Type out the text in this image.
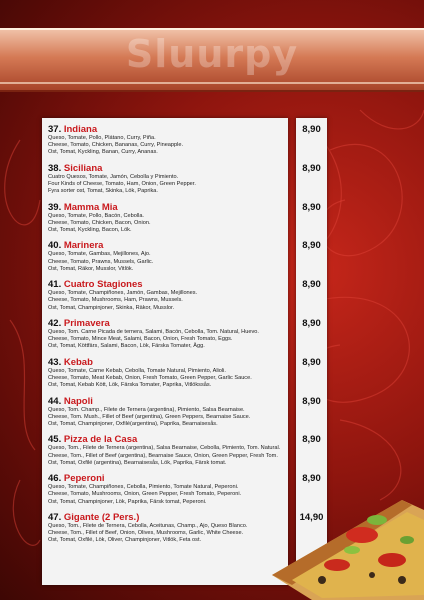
Sluurpy
37. Indiana
Queso, Tomate, Pollo, Plátano, Curry, Piña.
Cheese, Tomato, Chicken, Bananas, Curry, Pineapple.
Ost, Tomat, Kyckling, Banan, Curry, Ananas.
8,90
38. Siciliana
Cuatro Quesos, Tomate, Jamón, Cebolla y Pimiento.
Four Kinds of Cheese, Tomato, Ham, Onion, Green Pepper.
Fyra sorter ost, Tomat, Skinka, Lök, Paprika.
8,90
39. Mamma Mia
Queso, Tomate, Pollo, Bacón, Cebolla.
Cheese, Tomato, Chicken, Bacon, Onion.
Ost, Tomat, Kyckling, Bacon, Lök.
8,90
40. Marinera
Queso, Tomate, Gambas, Mejillones, Ajo.
Cheese, Tomato, Prawns, Mussels, Garlic.
Ost, Tomat, Räkor, Musslor, Vitlök.
8,90
41. Cuatro Stagiones
Queso, Tomate, Champiñones, Jamón, Gambas, Mejillones.
Cheese, Tomato, Mushrooms, Ham, Prawns, Mussels.
Ost, Tomat, Champinjoner, Skinka, Räkor, Musslor.
8,90
42. Primavera
Queso, Tom. Carne Picada de ternera, Salami, Bacón, Cebolla, Tom. Natural, Huevo.
Cheese, Tomato, Mince Meat, Salami, Bacon, Onion, Fresh Tomato, Eggs.
Ost, Tomat, Köttfärs, Salami, Bacon, Lök, Färska Tomater, Ägg.
8,90
43. Kebab
Queso, Tomate, Carne Kebab, Cebolla, Tomate Natural, Pimiento, Alioli.
Cheese, Tomato, Meat Kebab, Onion, Fresh Tomato, Green Pepper, Garlic Sauce.
Ost, Tomat, Kebab Kött, Lök, Färska Tomater, Paprika, Vitlökssås.
8,90
44. Napoli
Queso, Tom. Champ., Filete de Ternera (argentina), Pimiento, Salsa Bearnaise.
Cheese, Tom. Mush., Fillet of Beef (argentina), Green Peppers, Bearnaise Sauce.
Ost, Tomat, Champinjoner, Oxfilé(argentina), Paprika, Bearnaisesås.
8,90
45. Pizza de la Casa
Queso, Tom., Filete de Ternera (argentina), Salsa Bearnaise, Cebolla, Pimiento, Tom. Natural.
Cheese, Tom., Fillet of Beef (argentina), Bearnaise Sauce, Onion, Green Pepper, Fresh Tom.
Ost, Tomat, Oxfilé (argentina), Bearnaisesås, Lök, Paprika, Färsk tomat.
8,90
46. Peperoni
Queso, Tomate, Champiñones, Cebolla, Pimiento, Tomate Natural, Peperoni.
Cheese, Tomato, Mushrooms, Onion, Green Pepper, Fresh Tomato, Peperoni.
Ost, Tomat, Champinjoner, Lök, Paprika, Färsk tomat, Peperoni.
8,90
47. Gigante (2 Pers.)
Queso, Tom., Filete de Ternera, Cebolla, Aceitunas, Champ., Ajo, Queso Blanco.
Cheese, Tom., Fillet of Beef, Onion, Olives, Mushrooms, Garlic, White Cheese.
Ost, Tomat, Oxfilé, Lök, Oliver, Champinjoner, Vitlök, Feta ost.
14,90
